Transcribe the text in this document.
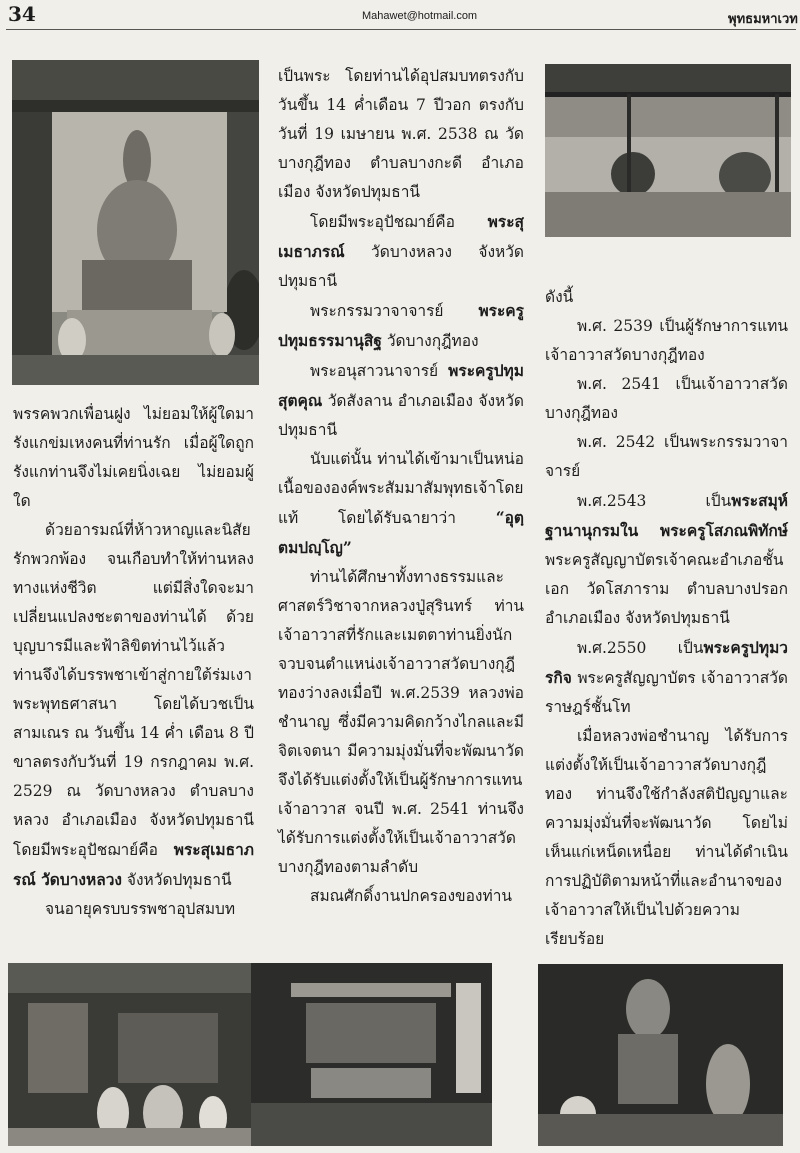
34	Mahawet@hotmail.com	พุทธมหาเวท

พรรคพวกเพื่อนฝูง ไม่ยอมให้ผู้ใดมารังแกข่มเหงคนที่ท่านรัก เมื่อผู้ใดถูกรังแกท่านจึงไม่เคยนิ่งเฉย ไม่ยอมผู้ใด

ด้วยอารมณ์ที่ห้าวหาญและนิสัยรักพวกพ้อง จนเกือบทำให้ท่านหลงทางแห่งชีวิต แต่มีสิ่งใดจะมาเปลี่ยนแปลงชะตาของท่านได้ ด้วยบุญบารมีและฟ้าลิขิตท่านไว้แล้ว ท่านจึงได้บรรพชาเข้าสู่กายใต้ร่มเงาพระพุทธศาสนา โดยได้บวชเป็นสามเณร ณ วันขึ้น 14 ค่ำ เดือน 8 ปีขาลตรงกับวันที่ 19 กรกฎาคม พ.ศ. 2529 ณ วัดบางหลวง ตำบลบางหลวง อำเภอเมือง จังหวัดปทุมธานี โดยมีพระอุปัชฌาย์คือ พระสุเมธาภรณ์ วัดบางหลวง จังหวัดปทุมธานี

จนอายุครบบรรพชาอุปสมบท

เป็นพระ โดยท่านได้อุปสมบทตรงกับวันขึ้น 14 ค่ำเดือน 7 ปีวอก ตรงกับวันที่ 19 เมษายน พ.ศ. 2538 ณ วัดบางกุฎีทอง ตำบลบางกะดี อำเภอเมือง จังหวัดปทุมธานี

โดยมีพระอุปัชฌาย์คือ พระสุเมธาภรณ์ วัดบางหลวง จังหวัดปทุมธานี

พระกรรมวาจาจารย์ พระครูปทุมธรรมานุสิฐ วัดบางกุฎีทอง

พระอนุสาวนาจารย์ พระครูปทุมสุตคุณ วัดสังลาน อำเภอเมือง จังหวัดปทุมธานี

นับแต่นั้น ท่านได้เข้ามาเป็นหน่อเนื้อขององค์พระสัมมาสัมพุทธเจ้าโดยแท้ โดยได้รับฉายาว่า “อุตฺตมปญฺโญ”

ท่านได้ศึกษาทั้งทางธรรมและศาสตร์วิชาจากหลวงปู่สุรินทร์ ท่านเจ้าอาวาสที่รักและเมตตาท่านยิ่งนัก จวบจนตำแหน่งเจ้าอาวาสวัดบางกุฎีทองว่างลงเมื่อปี พ.ศ.2539 หลวงพ่อชำนาญ ซึ่งมีความคิดกว้างไกลและมีจิตเจตนา มีความมุ่งมั่นที่จะพัฒนาวัด จึงได้รับแต่งตั้งให้เป็นผู้รักษาการแทนเจ้าอาวาส จนปี พ.ศ. 2541 ท่านจึงได้รับการแต่งตั้งให้เป็นเจ้าอาวาสวัดบางกุฎีทองตามลำดับ

สมณศักดิ์งานปกครองของท่าน

ดังนี้

พ.ศ. 2539 เป็นผู้รักษาการแทนเจ้าอาวาสวัดบางกุฎีทอง

พ.ศ. 2541 เป็นเจ้าอาวาสวัดบางกุฎีทอง

พ.ศ. 2542 เป็นพระกรรมวาจาจารย์

พ.ศ.2543 เป็นพระสมุห์ฐานานุกรมใน พระครูโสภณพิทักษ์ พระครูสัญญาบัตรเจ้าคณะอำเภอชั้นเอก วัดโสภาราม ตำบลบางปรอก อำเภอเมือง จังหวัดปทุมธานี

พ.ศ.2550 เป็นพระครูปทุมวรกิจ พระครูสัญญาบัตร เจ้าอาวาสวัดราษฎร์ชั้นโท

เมื่อหลวงพ่อชำนาญ ได้รับการแต่งตั้งให้เป็นเจ้าอาวาสวัดบางกุฎีทอง ท่านจึงใช้กำลังสติปัญญาและความมุ่งมั่นที่จะพัฒนาวัด โดยไม่เห็นแก่เหน็ดเหนื่อย ท่านได้ดำเนินการปฏิบัติตามหน้าที่และอำนาจของเจ้าอาวาสให้เป็นไปด้วยความเรียบร้อย
